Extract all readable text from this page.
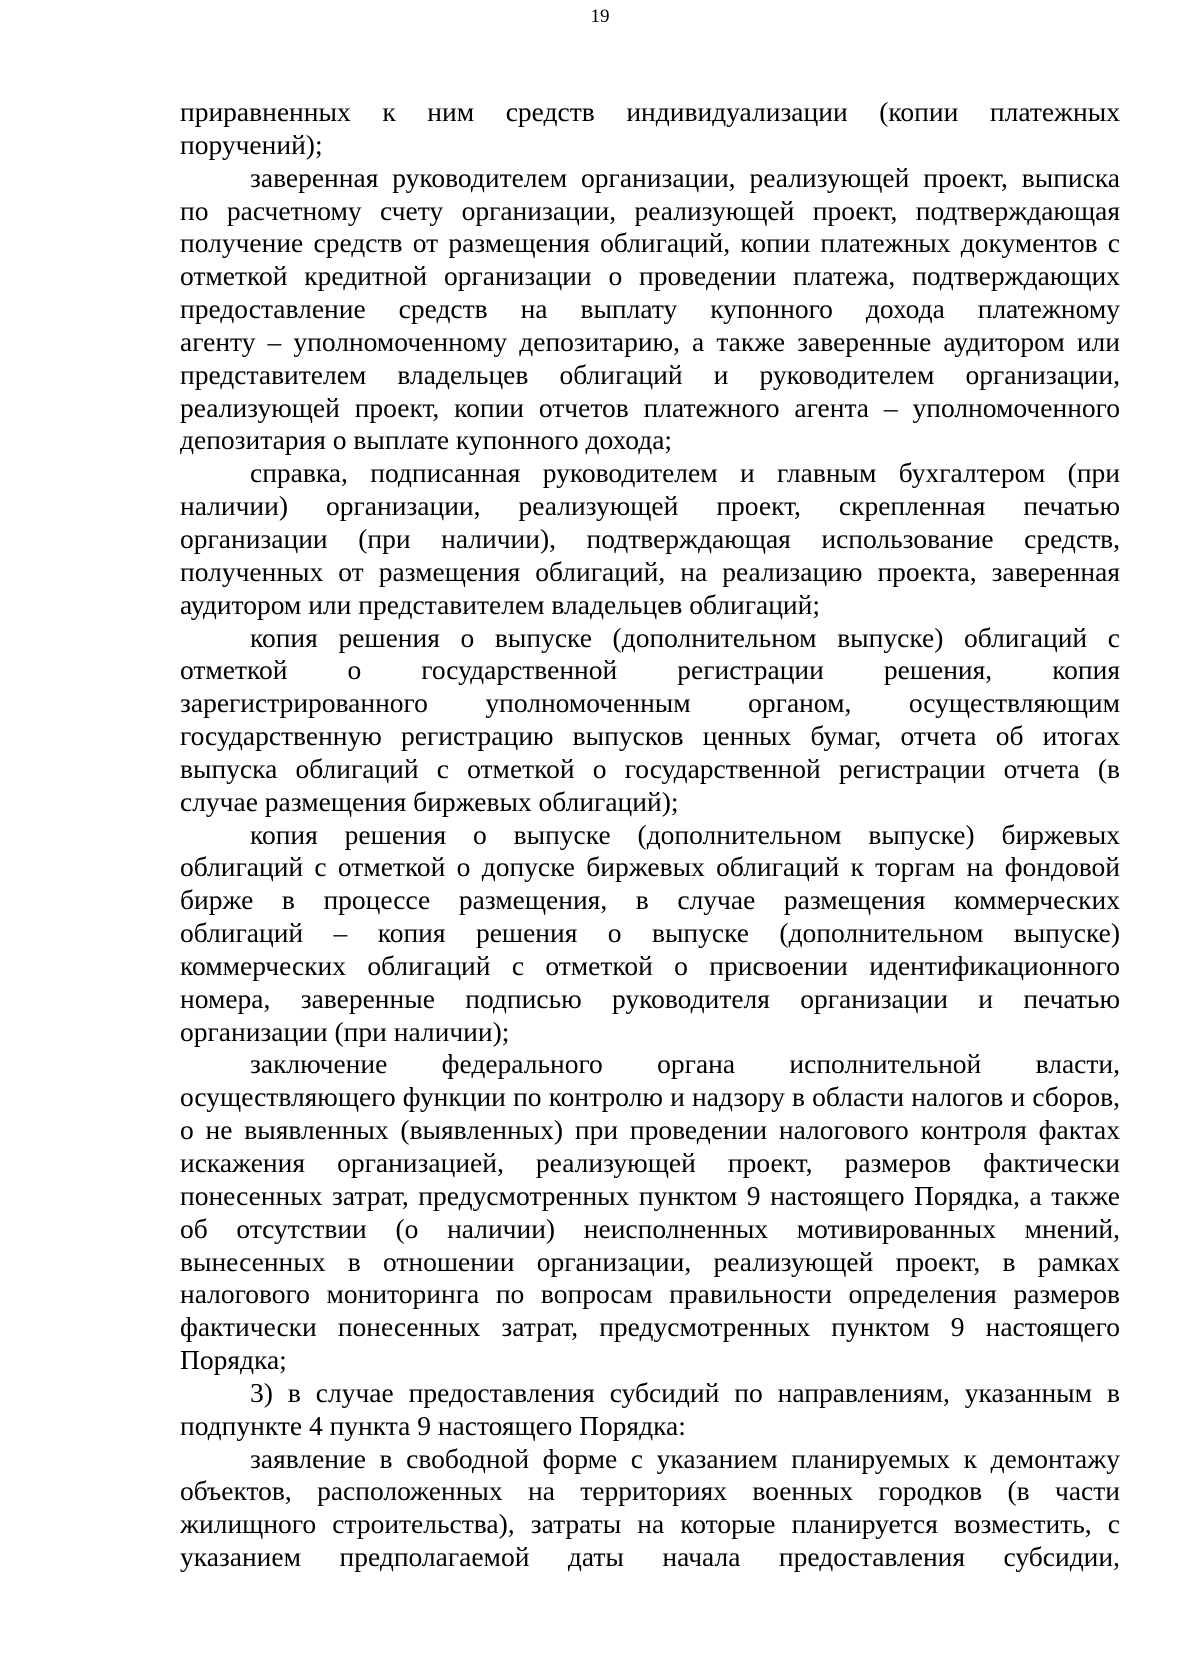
19
приравненных к ним средств индивидуализации (копии платежных
поручений);
заверенная руководителем организации, реализующей проект, выписка
по расчетному счету организации, реализующей проект, подтверждающая
получение средств от размещения облигаций, копии платежных документов с
отметкой кредитной организации о проведении платежа, подтверждающих
предоставление средств на выплату купонного дохода платежному
агенту – уполномоченному депозитарию, а также заверенные аудитором или
представителем владельцев облигаций и руководителем организации,
реализующей проект, копии отчетов платежного агента – уполномоченного
депозитария о выплате купонного дохода;
справка, подписанная руководителем и главным бухгалтером (при
наличии) организации, реализующей проект, скрепленная печатью
организации (при наличии), подтверждающая использование средств,
полученных от размещения облигаций, на реализацию проекта, заверенная
аудитором или представителем владельцев облигаций;
копия решения о выпуске (дополнительном выпуске) облигаций с
отметкой о государственной регистрации решения, копия
зарегистрированного уполномоченным органом, осуществляющим
государственную регистрацию выпусков ценных бумаг, отчета об итогах
выпуска облигаций с отметкой о государственной регистрации отчета (в
случае размещения биржевых облигаций);
копия решения о выпуске (дополнительном выпуске) биржевых
облигаций с отметкой о допуске биржевых облигаций к торгам на фондовой
бирже в процессе размещения, в случае размещения коммерческих
облигаций – копия решения о выпуске (дополнительном выпуске)
коммерческих облигаций с отметкой о присвоении идентификационного
номера, заверенные подписью руководителя организации и печатью
организации (при наличии);
заключение федерального органа исполнительной власти,
осуществляющего функции по контролю и надзору в области налогов и сборов,
о не выявленных (выявленных) при проведении налогового контроля фактах
искажения организацией, реализующей проект, размеров фактически
понесенных затрат, предусмотренных пунктом 9 настоящего Порядка, а также
об отсутствии (о наличии) неисполненных мотивированных мнений,
вынесенных в отношении организации, реализующей проект, в рамках
налогового мониторинга по вопросам правильности определения размеров
фактически понесенных затрат, предусмотренных пунктом 9 настоящего
Порядка;
3) в случае предоставления субсидий по направлениям, указанным в
подпункте 4 пункта 9 настоящего Порядка:
заявление в свободной форме с указанием планируемых к демонтажу
объектов, расположенных на территориях военных городков (в части
жилищного строительства), затраты на которые планируется возместить, с
указанием предполагаемой даты начала предоставления субсидии,
